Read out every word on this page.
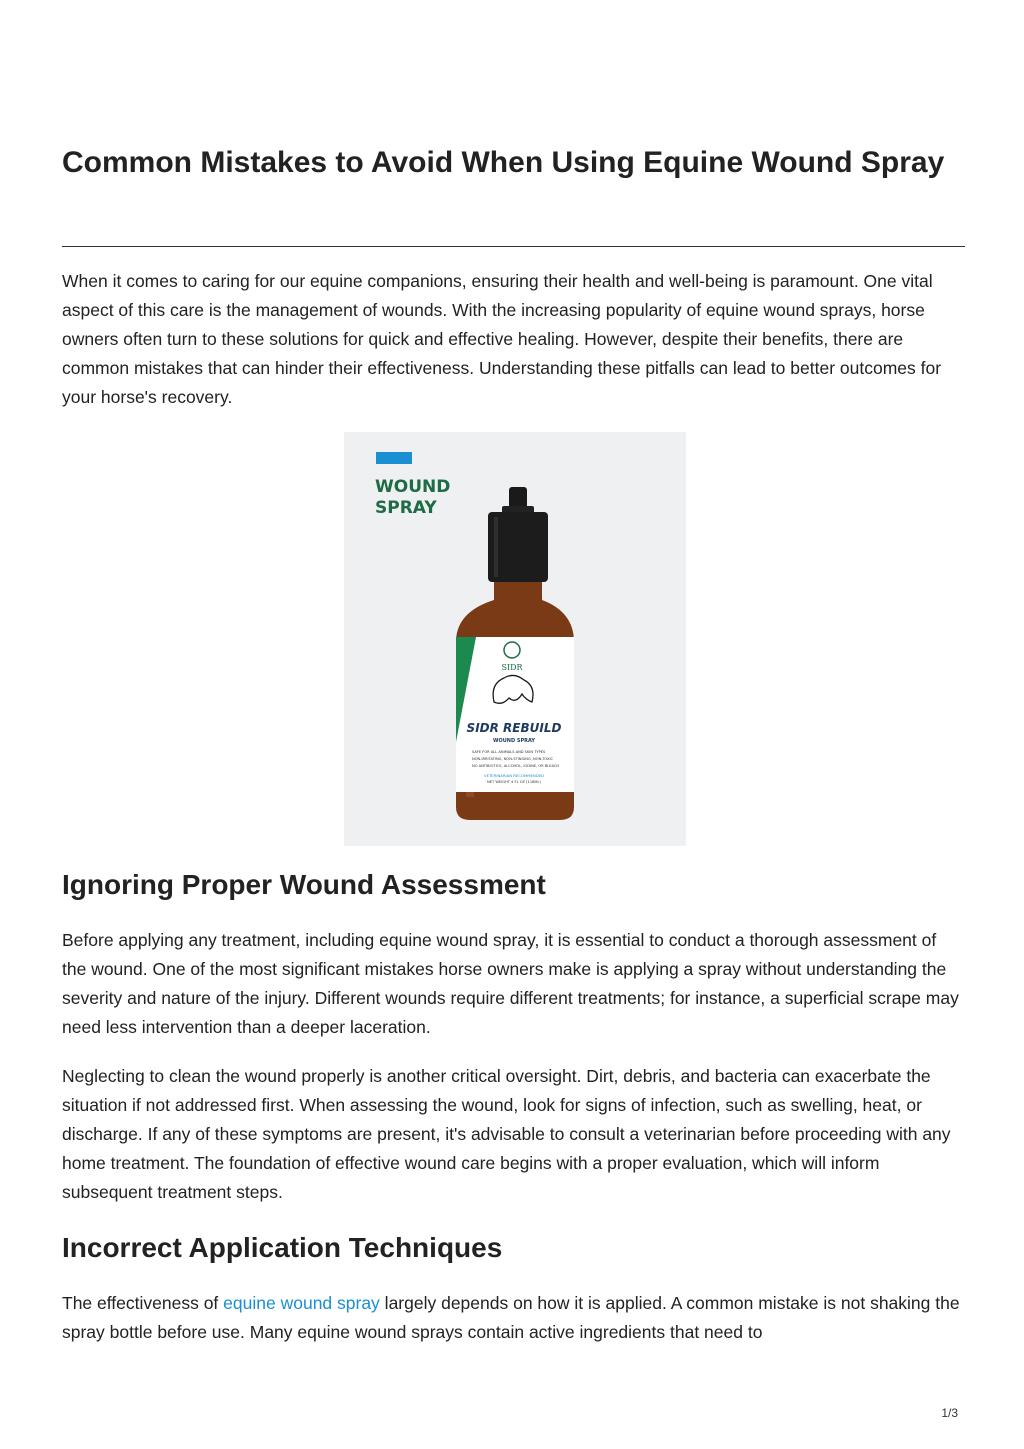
Common Mistakes to Avoid When Using Equine Wound Spray

When it comes to caring for our equine companions, ensuring their health and well-being is paramount. One vital aspect of this care is the management of wounds. With the increasing popularity of equine wound sprays, horse owners often turn to these solutions for quick and effective healing. However, despite their benefits, there are common mistakes that can hinder their effectiveness. Understanding these pitfalls can lead to better outcomes for your horse's recovery.

Ignoring Proper Wound Assessment

Before applying any treatment, including equine wound spray, it is essential to conduct a thorough assessment of the wound. One of the most significant mistakes horse owners make is applying a spray without understanding the severity and nature of the injury. Different wounds require different treatments; for instance, a superficial scrape may need less intervention than a deeper laceration.

Neglecting to clean the wound properly is another critical oversight. Dirt, debris, and bacteria can exacerbate the situation if not addressed first. When assessing the wound, look for signs of infection, such as swelling, heat, or discharge. If any of these symptoms are present, it's advisable to consult a veterinarian before proceeding with any home treatment. The foundation of effective wound care begins with a proper evaluation, which will inform subsequent treatment steps.

Incorrect Application Techniques

The effectiveness of equine wound spray largely depends on how it is applied. A common mistake is not shaking the spray bottle before use. Many equine wound sprays contain active ingredients that need to

WOUND
SPRAY
SIDR
SIDR REBUILD
WOUND SPRAY
SAFE FOR ALL ANIMALS AND SKIN TYPES
NON-IRRITATING, NON-STINGING, NON-TOXIC
NO ANTIBIOTICS, ALCOHOL, IODINE, OR BLEACH
VETERINARIAN RECOMMENDED
NET WEIGHT 4 FL OZ (118ML)
1/3
